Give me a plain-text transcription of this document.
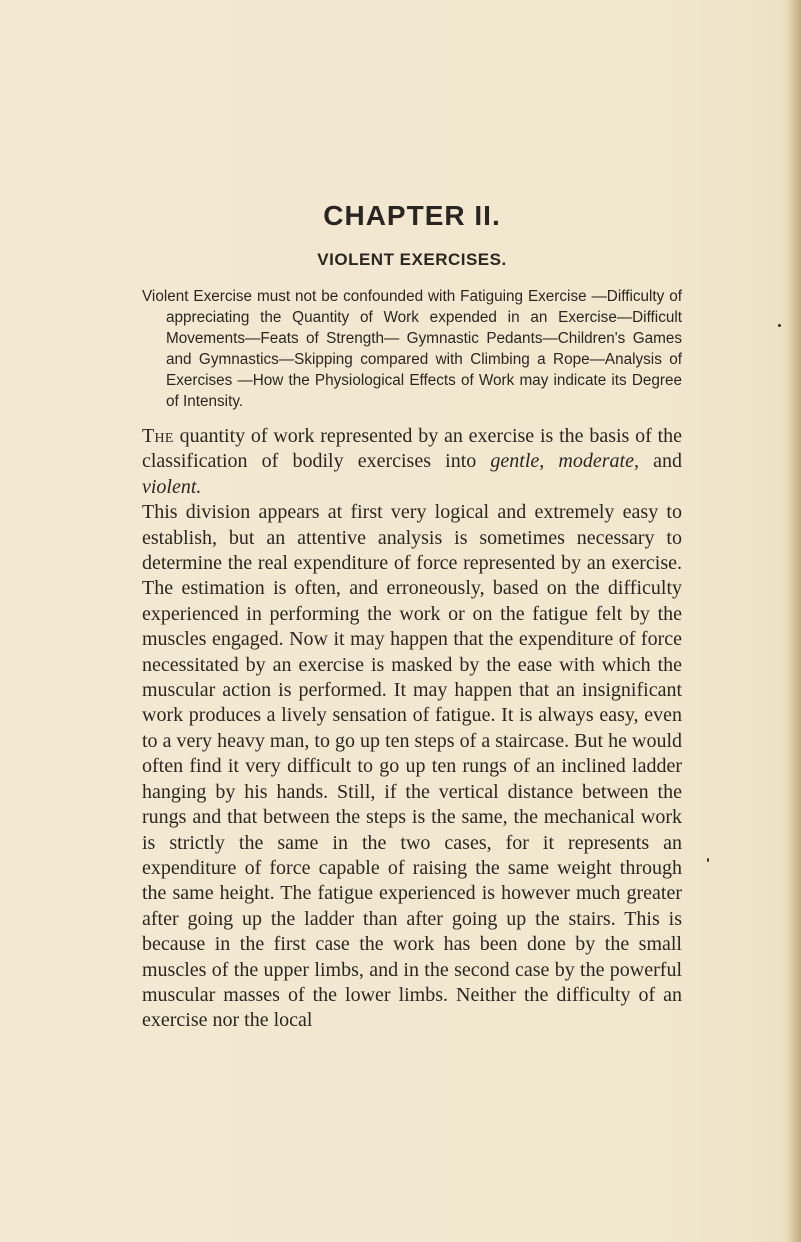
CHAPTER II.
VIOLENT EXERCISES.

Violent Exercise must not be confounded with Fatiguing Exercise —Difficulty of appreciating the Quantity of Work expended in an Exercise—Difficult Movements—Feats of Strength— Gymnastic Pedants—Children's Games and Gymnastics—Skipping compared with Climbing a Rope—Analysis of Exercises —How the Physiological Effects of Work may indicate its Degree of Intensity.

The quantity of work represented by an exercise is the basis of the classification of bodily exercises into gentle, moderate, and violent.

This division appears at first very logical and extremely easy to establish, but an attentive analysis is sometimes necessary to determine the real expenditure of force represented by an exercise. The estimation is often, and erroneously, based on the difficulty experienced in performing the work or on the fatigue felt by the muscles engaged. Now it may happen that the expenditure of force necessitated by an exercise is masked by the ease with which the muscular action is performed. It may happen that an insignificant work produces a lively sensation of fatigue. It is always easy, even to a very heavy man, to go up ten steps of a staircase. But he would often find it very difficult to go up ten rungs of an inclined ladder hanging by his hands. Still, if the vertical distance between the rungs and that between the steps is the same, the mechanical work is strictly the same in the two cases, for it represents an expenditure of force capable of raising the same weight through the same height. The fatigue experienced is however much greater after going up the ladder than after going up the stairs. This is because in the first case the work has been done by the small muscles of the upper limbs, and in the second case by the powerful muscular masses of the lower limbs. Neither the difficulty of an exercise nor the local
